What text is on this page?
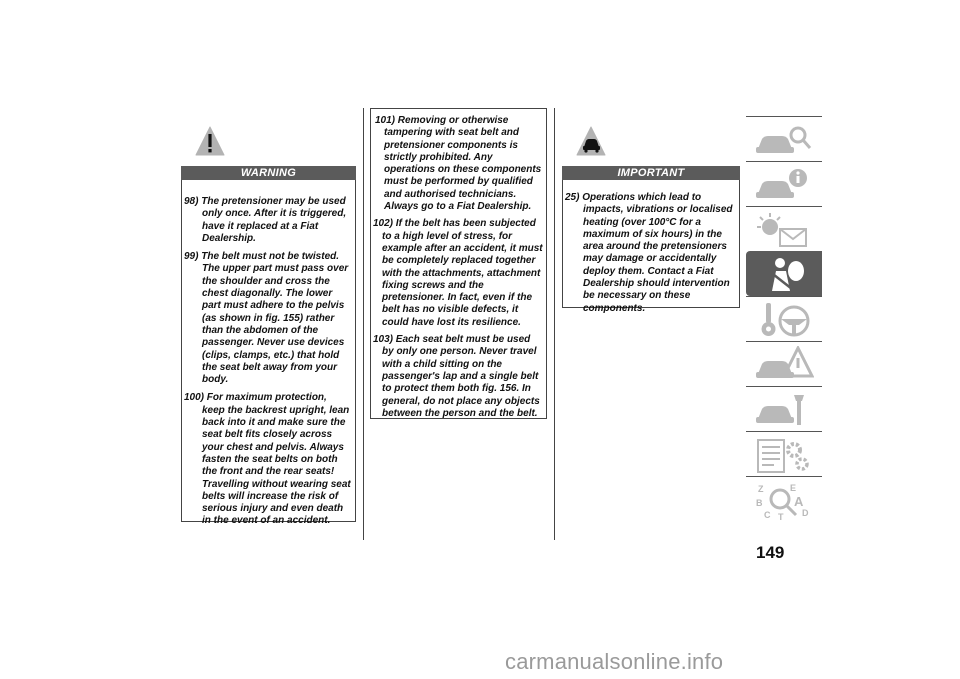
WARNING

98) The pretensioner may be used only once. After it is triggered, have it replaced at a Fiat Dealership.

99) The belt must not be twisted. The upper part must pass over the shoulder and cross the chest diagonally. The lower part must adhere to the pelvis (as shown in fig. 155) rather than the abdomen of the passenger. Never use devices (clips, clamps, etc.) that hold the seat belt away from your body.

100) For maximum protection, keep the backrest upright, lean back into it and make sure the seat belt fits closely across your chest and pelvis. Always fasten the seat belts on both the front and the rear seats! Travelling without wearing seat belts will increase the risk of serious injury and even death in the event of an accident.

101) Removing or otherwise tampering with seat belt and pretensioner components is strictly prohibited. Any operations on these components must be performed by qualified and authorised technicians. Always go to a Fiat Dealership.

102) If the belt has been subjected to a high level of stress, for example after an accident, it must be completely replaced together with the attachments, attachment fixing screws and the pretensioner. In fact, even if the belt has no visible defects, it could have lost its resilience.

103) Each seat belt must be used by only one person. Never travel with a child sitting on the passenger's lap and a single belt to protect them both fig. 156. In general, do not place any objects between the person and the belt.

IMPORTANT

25) Operations which lead to impacts, vibrations or localised heating (over 100°C for a maximum of six hours) in the area around the pretensioners may damage or accidentally deploy them. Contact a Fiat Dealership should intervention be necessary on these components.

Z	E
B A
C T D
149
carmanualsonline.info
